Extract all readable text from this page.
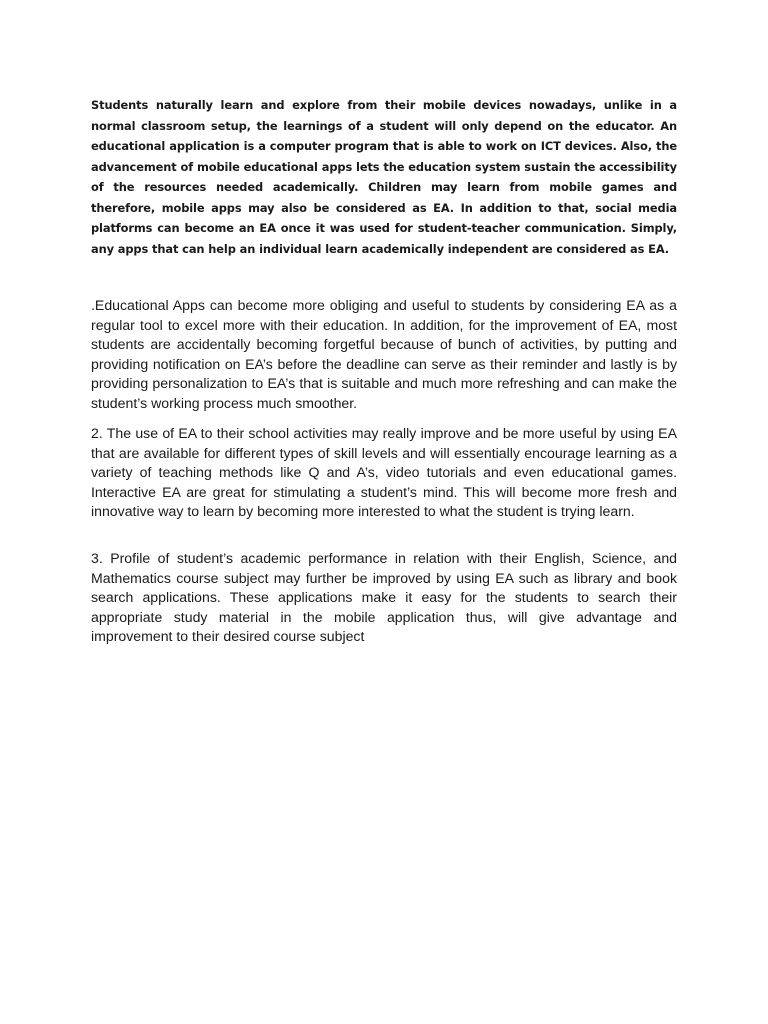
Students naturally learn and explore from their mobile devices nowadays, unlike in a normal classroom setup, the learnings of a student will only depend on the educator. An educational application is a computer program that is able to work on ICT devices. Also, the advancement of mobile educational apps lets the education system sustain the accessibility of the resources needed academically. Children may learn from mobile games and therefore, mobile apps may also be considered as EA. In addition to that, social media platforms can become an EA once it was used for student-teacher communication. Simply, any apps that can help an individual learn academically independent are considered as EA.

.Educational Apps can become more obliging and useful to students by considering EA as a regular tool to excel more with their education. In addition, for the improvement of EA, most students are accidentally becoming forgetful because of bunch of activities, by putting and providing notification on EA’s before the deadline can serve as their reminder and lastly is by providing personalization to EA’s that is suitable and much more refreshing and can make the student’s working process much smoother.

2. The use of EA to their school activities may really improve and be more useful by using EA that are available for different types of skill levels and will essentially encourage learning as a variety of teaching methods like Q and A’s, video tutorials and even educational games. Interactive EA are great for stimulating a student’s mind. This will become more fresh and innovative way to learn by becoming more interested to what the student is trying learn.

3. Profile of student’s academic performance in relation with their English, Science, and Mathematics course subject may further be improved by using EA such as library and book search applications. These applications make it easy for the students to search their appropriate study material in the mobile application thus, will give advantage and improvement to their desired course subject
